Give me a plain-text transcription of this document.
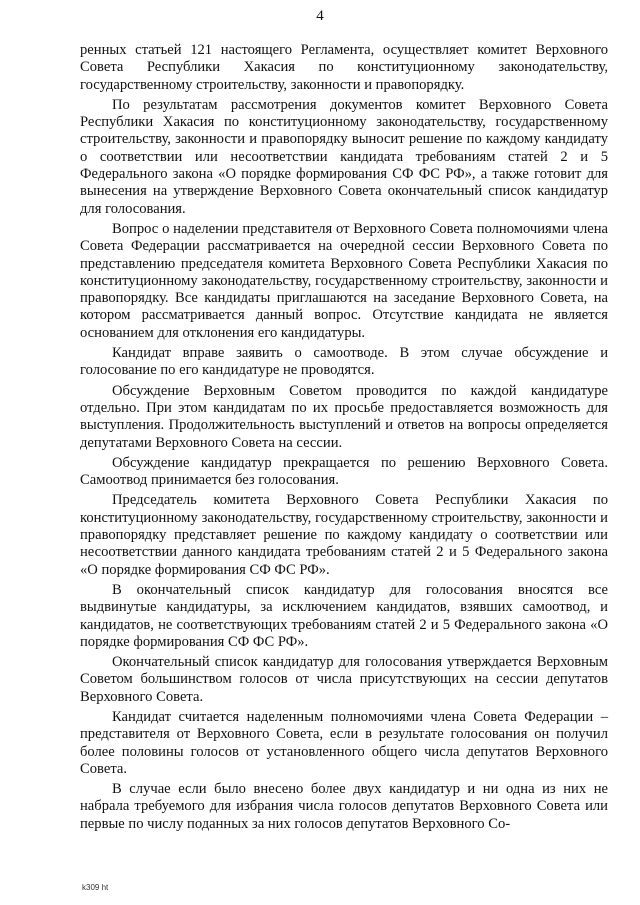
4

ренных статьей 121 настоящего Регламента, осуществляет комитет Верховного Совета Республики Хакасия по конституционному законодательству, государственному строительству, законности и правопорядку.

По результатам рассмотрения документов комитет Верховного Совета Республики Хакасия по конституционному законодательству, государственному строительству, законности и правопорядку выносит решение по каждому кандидату о соответствии или несоответствии кандидата требованиям статей 2 и 5 Федерального закона «О порядке формирования СФ ФС РФ», а также готовит для вынесения на утверждение Верховного Совета окончательный список кандидатур для голосования.

Вопрос о наделении представителя от Верховного Совета полномочиями члена Совета Федерации рассматривается на очередной сессии Верховного Совета по представлению председателя комитета Верховного Совета Республики Хакасия по конституционному законодательству, государственному строительству, законности и правопорядку. Все кандидаты приглашаются на заседание Верховного Совета, на котором рассматривается данный вопрос. Отсутствие кандидата не является основанием для отклонения его кандидатуры.

Кандидат вправе заявить о самоотводе. В этом случае обсуждение и голосование по его кандидатуре не проводятся.

Обсуждение Верховным Советом проводится по каждой кандидатуре отдельно. При этом кандидатам по их просьбе предоставляется возможность для выступления. Продолжительность выступлений и ответов на вопросы определяется депутатами Верховного Совета на сессии.

Обсуждение кандидатур прекращается по решению Верховного Совета. Самоотвод принимается без голосования.

Председатель комитета Верховного Совета Республики Хакасия по конституционному законодательству, государственному строительству, законности и правопорядку представляет решение по каждому кандидату о соответствии или несоответствии данного кандидата требованиям статей 2 и 5 Федерального закона «О порядке формирования СФ ФС РФ».

В окончательный список кандидатур для голосования вносятся все выдвинутые кандидатуры, за исключением кандидатов, взявших самоотвод, и кандидатов, не соответствующих требованиям статей 2 и 5 Федерального закона «О порядке формирования СФ ФС РФ».

Окончательный список кандидатур для голосования утверждается Верховным Советом большинством голосов от числа присутствующих на сессии депутатов Верховного Совета.

Кандидат считается наделенным полномочиями члена Совета Федерации – представителя от Верховного Совета, если в результате голосования он получил более половины голосов от установленного общего числа депутатов Верховного Совета.

В случае если было внесено более двух кандидатур и ни одна из них не набрала требуемого для избрания числа голосов депутатов Верховного Совета или первые по числу поданных за них голосов депутатов Верховного Со-

k309 ht
